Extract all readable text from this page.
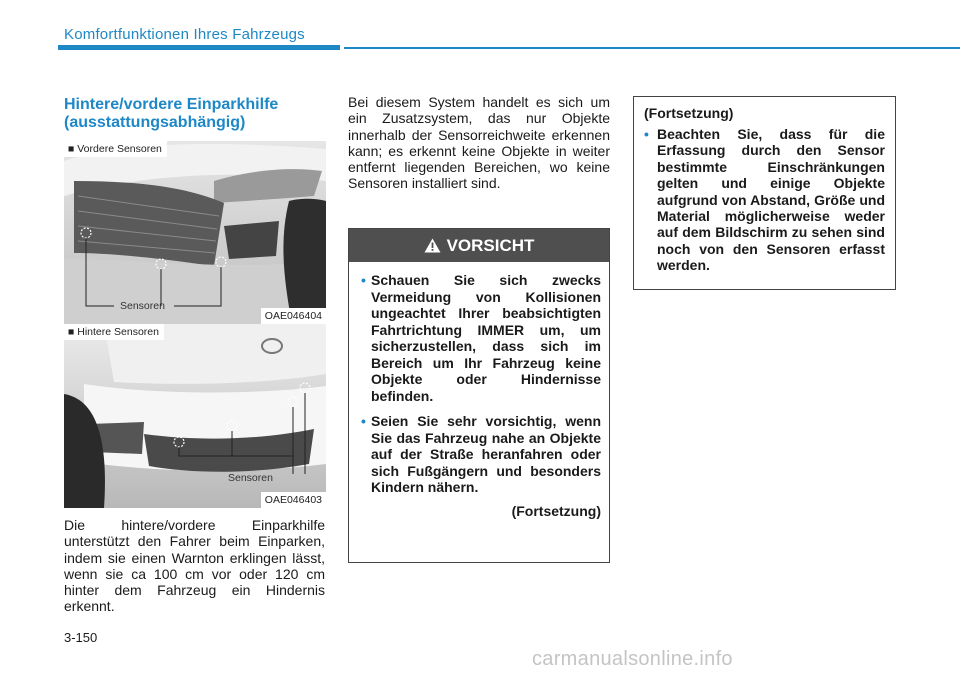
Komfortfunktionen Ihres Fahrzeugs
Hintere/vordere Einparkhilfe
(ausstattungsabhängig)
■ Vordere Sensoren
Sensoren
OAE046404
■ Hintere Sensoren
Sensoren
OAE046403
Die hintere/vordere Einparkhilfe unterstützt den Fahrer beim Einparken, indem sie einen Warnton erklingen lässt, wenn sie ca 100 cm vor oder 120 cm hinter dem Fahrzeug ein Hindernis erkennt.
Bei diesem System handelt es sich um ein Zusatzsystem, das nur Objekte innerhalb der Sensorreichweite erkennen kann; es erkennt keine Objekte in weiter entfernt liegenden Bereichen, wo keine Sensoren installiert sind.
VORSICHT
• Schauen Sie sich zwecks Vermeidung von Kollisionen ungeachtet Ihrer beabsichtigten Fahrtrichtung IMMER um, um sicherzustellen, dass sich im Bereich um Ihr Fahrzeug keine Objekte oder Hindernisse befinden.
• Seien Sie sehr vorsichtig, wenn Sie das Fahrzeug nahe an Objekte auf der Straße heranfahren oder sich Fußgängern und besonders Kindern nähern.
(Fortsetzung)
(Fortsetzung)
• Beachten Sie, dass für die Erfassung durch den Sensor bestimmte Einschränkungen gelten und einige Objekte aufgrund von Abstand, Größe und Material möglicherweise weder auf dem Bildschirm zu sehen sind noch von den Sensoren erfasst werden.
3-150
carmanualsonline.info
